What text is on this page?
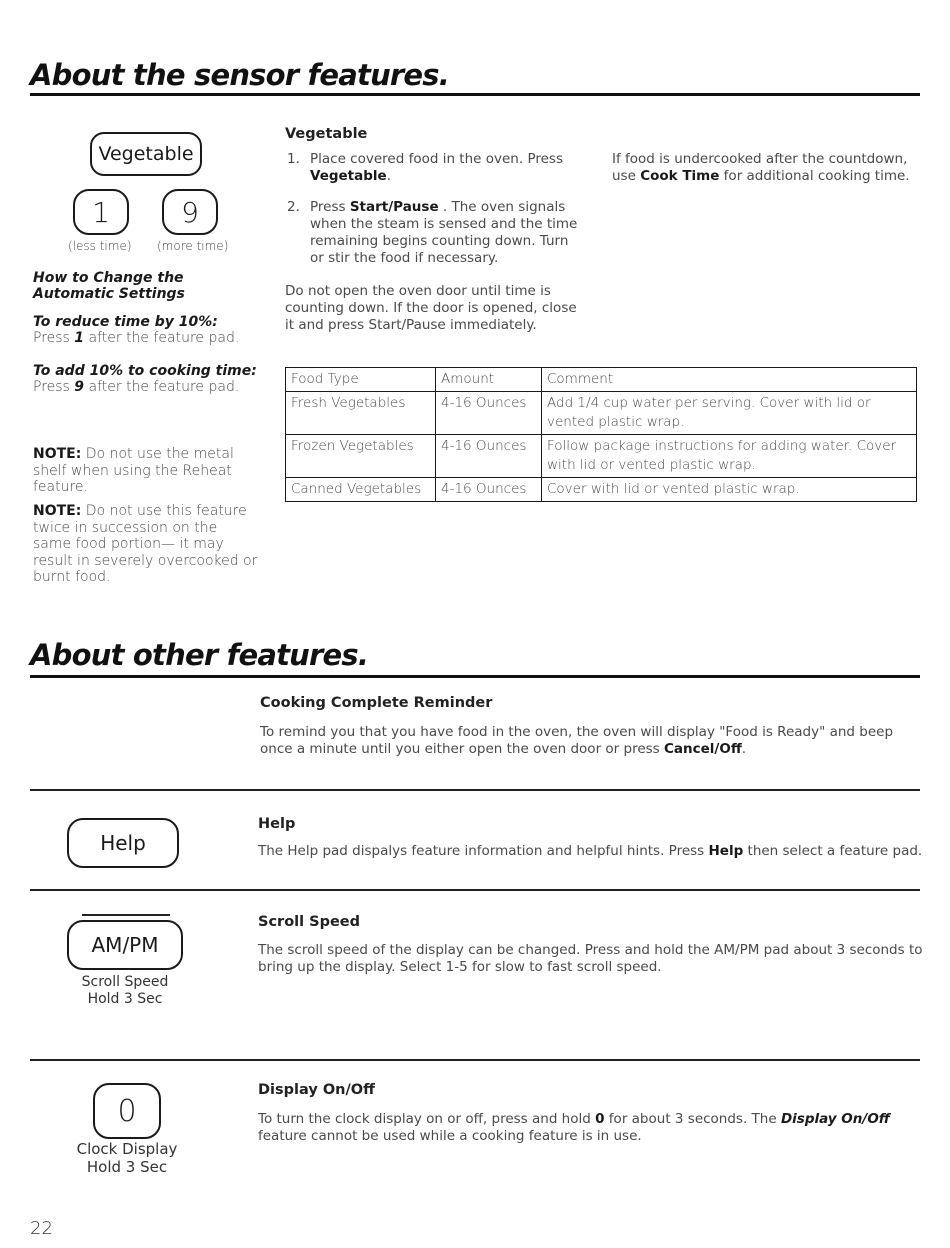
About the sensor features.
Vegetable
1	9
(less time) (more time)
How to Change the
Automatic Settings
To reduce time by 10%:
Press 1 after the feature pad.
To add 10% to cooking time:
Press 9 after the feature pad.
NOTE: Do not use the metal shelf when using the Reheat feature.
NOTE: Do not use this feature twice in succession on the same food portion— it may result in severely overcooked or burnt food.
Vegetable
1. Place covered food in the oven. Press
Vegetable.
2. Press Start/Pause . The oven signals when the steam is sensed and the time remaining begins counting down. Turn or stir the food if necessary.
Do not open the oven door until time is counting down. If the door is opened, close it and press Start/Pause immediately.
If food is undercooked after the countdown, use Cook Time for additional cooking time.
Food Type	Amount	Comment
Fresh Vegetables	4-16 Ounces	Add 1/4 cup water per serving. Cover with lid or vented plastic wrap.
Frozen Vegetables	4-16 Ounces	Follow package instructions for adding water. Cover with lid or vented plastic wrap.
Canned Vegetables	4-16 Ounces	Cover with lid or vented plastic wrap.
About other features.
Cooking Complete Reminder
To remind you that you have food in the oven, the oven will display "Food is Ready" and beep once a minute until you either open the oven door or press Cancel/Off.
Help
Help
The Help pad dispalys feature information and helpful hints. Press Help then select a feature pad.
AM/PM
Scroll Speed
Hold 3 Sec
Scroll Speed
The scroll speed of the display can be changed. Press and hold the AM/PM pad about 3 seconds to bring up the display. Select 1-5 for slow to fast scroll speed.
0
Clock Display
Hold 3 Sec
Display On/Off
To turn the clock display on or off, press and hold 0 for about 3 seconds. The Display On/Off feature cannot be used while a cooking feature is in use.
22
